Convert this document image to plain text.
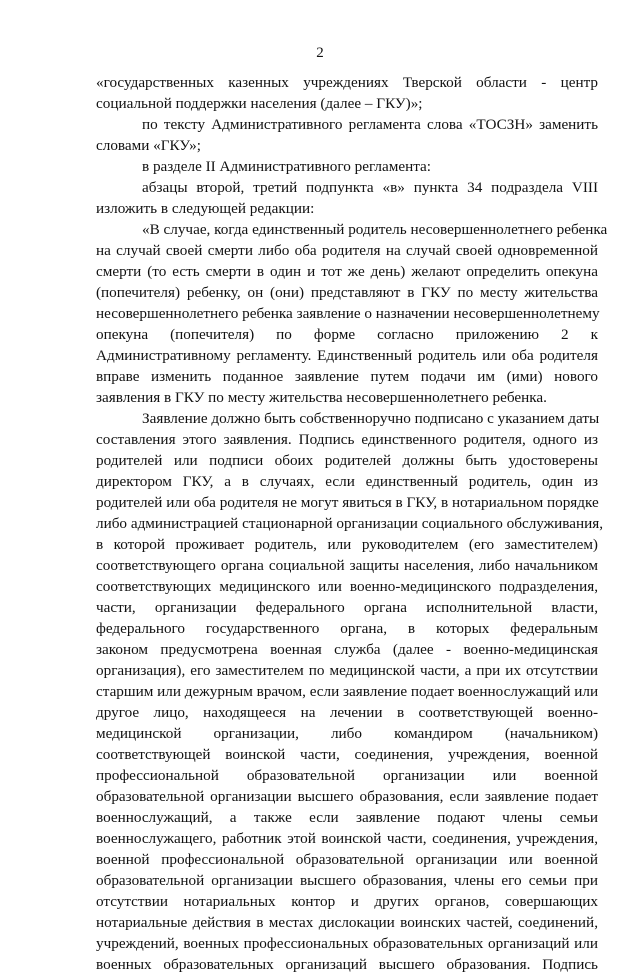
2
«государственных казенных учреждениях Тверской области - центр
социальной поддержки населения (далее – ГКУ)»;
по тексту Административного регламента слова «ТОСЗН» заменить
словами «ГКУ»;
в разделе II Административного регламента:
абзацы второй, третий подпункта «в» пункта 34 подраздела VIII
изложить в следующей редакции:
«В случае, когда единственный родитель несовершеннолетнего ребенка
на случай своей смерти либо оба родителя на случай своей одновременной
смерти (то есть смерти в один и тот же день) желают определить опекуна
(попечителя) ребенку, он (они) представляют в ГКУ по месту жительства
несовершеннолетнего ребенка заявление о назначении несовершеннолетнему
опекуна (попечителя) по форме согласно приложению 2 к
Административному регламенту. Единственный родитель или оба родителя
вправе изменить поданное заявление путем подачи им (ими) нового
заявления в ГКУ по месту жительства несовершеннолетнего ребенка.
Заявление должно быть собственноручно подписано с указанием даты
составления этого заявления. Подпись единственного родителя, одного из
родителей или подписи обоих родителей должны быть удостоверены
директором ГКУ, а в случаях, если единственный родитель, один из
родителей или оба родителя не могут явиться в ГКУ, в нотариальном порядке
либо администрацией стационарной организации социального обслуживания,
в которой проживает родитель, или руководителем (его заместителем)
соответствующего органа социальной защиты населения, либо начальником
соответствующих медицинского или военно-медицинского подразделения,
части, организации федерального органа исполнительной власти,
федерального государственного органа, в которых федеральным
законом предусмотрена военная служба (далее - военно-медицинская
организация), его заместителем по медицинской части, а при их отсутствии
старшим или дежурным врачом, если заявление подает военнослужащий или
другое лицо, находящееся на лечении в соответствующей военно-
медицинской организации, либо командиром (начальником)
соответствующей воинской части, соединения, учреждения, военной
профессиональной образовательной организации или военной
образовательной организации высшего образования, если заявление подает
военнослужащий, а также если заявление подают члены семьи
военнослужащего, работник этой воинской части, соединения, учреждения,
военной профессиональной образовательной организации или военной
образовательной организации высшего образования, члены его семьи при
отсутствии нотариальных контор и других органов, совершающих
нотариальные действия в местах дислокации воинских частей, соединений,
учреждений, военных профессиональных образовательных организаций или
военных образовательных организаций высшего образования. Подпись
